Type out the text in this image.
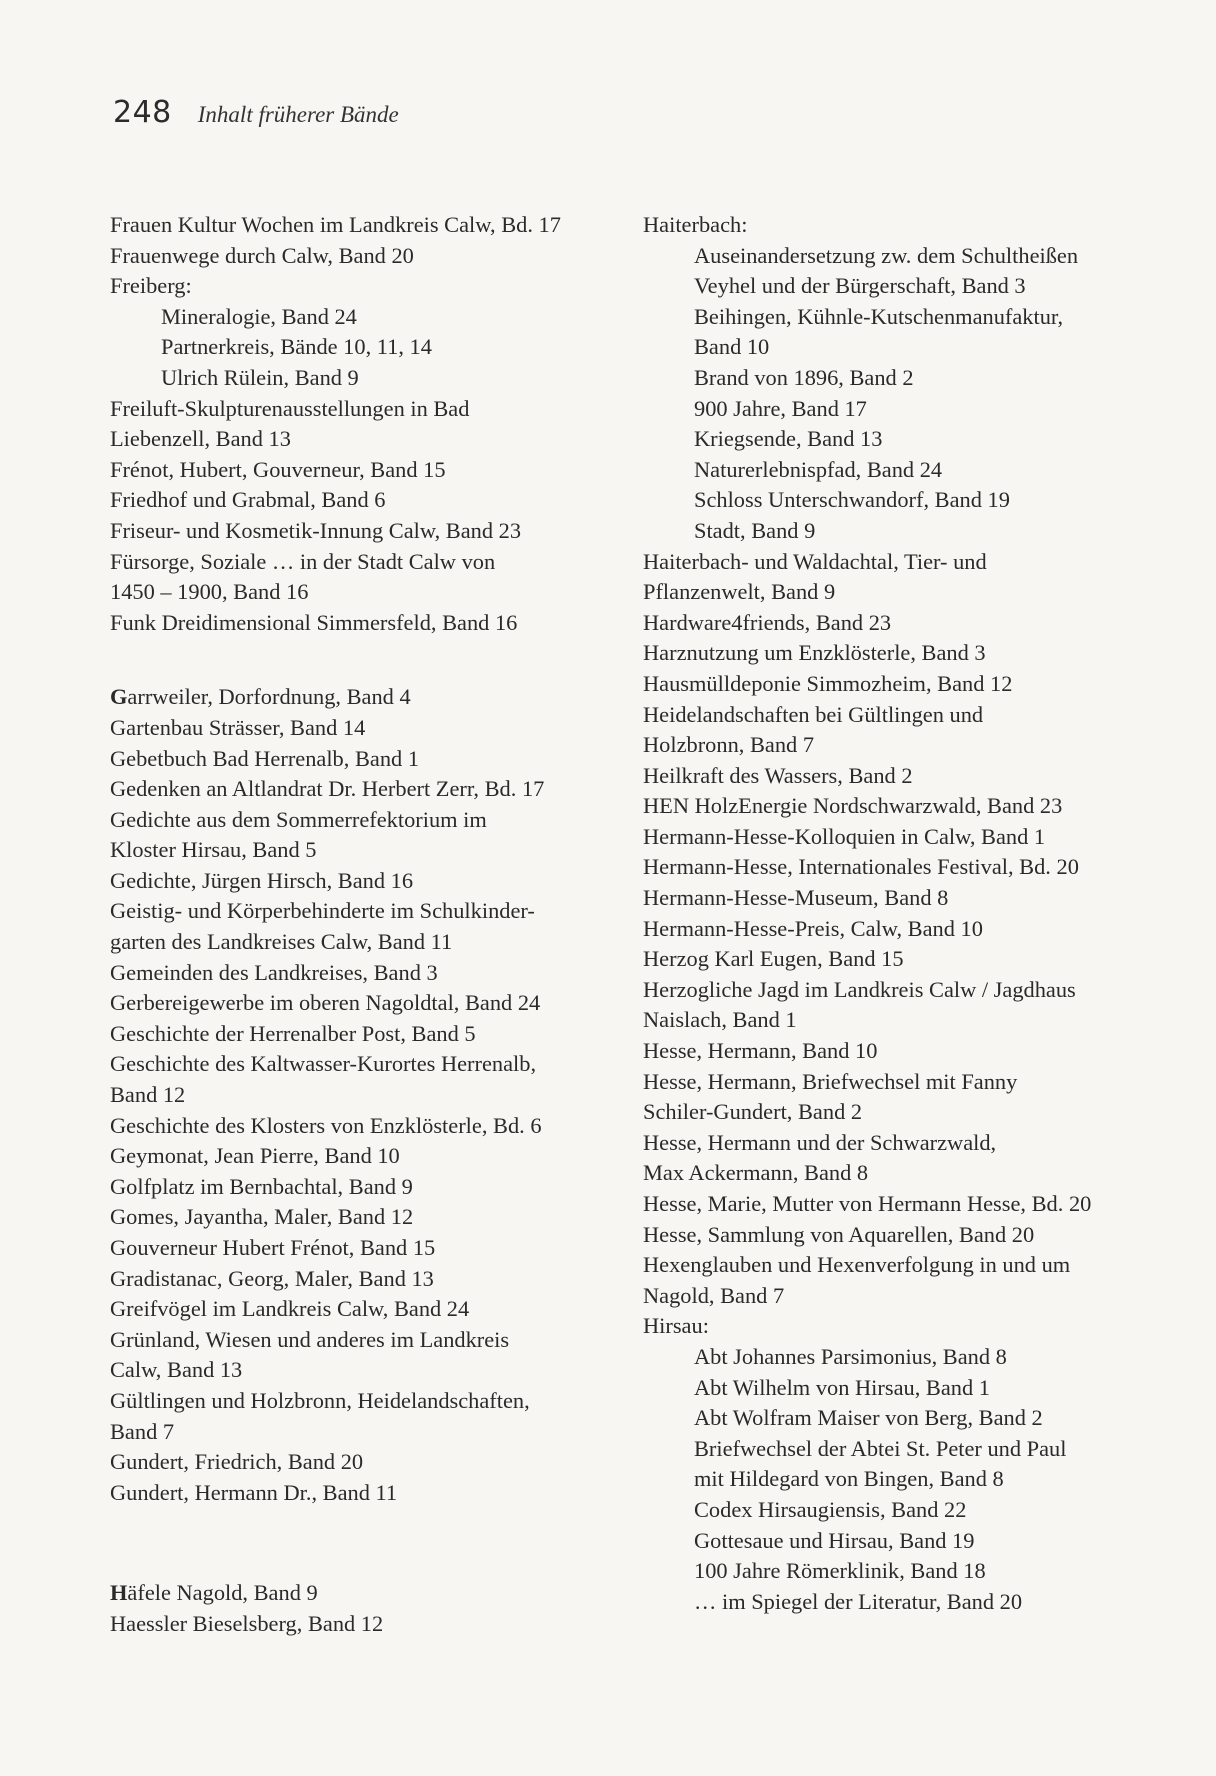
248 Inhalt früherer Bände
Frauen Kultur Wochen im Landkreis Calw, Bd. 17
Frauenwege durch Calw, Band 20
Freiberg:
Mineralogie, Band 24
Partnerkreis, Bände 10, 11, 14
Ulrich Rülein, Band 9
Freiluft-Skulpturenausstellungen in Bad
Liebenzell, Band 13
Frénot, Hubert, Gouverneur, Band 15
Friedhof und Grabmal, Band 6
Friseur- und Kosmetik-Innung Calw, Band 23
Fürsorge, Soziale … in der Stadt Calw von
1450 – 1900, Band 16
Funk Dreidimensional Simmersfeld, Band 16
Garrweiler, Dorfordnung, Band 4
Gartenbau Strässer, Band 14
Gebetbuch Bad Herrenalb, Band 1
Gedenken an Altlandrat Dr. Herbert Zerr, Bd. 17
Gedichte aus dem Sommerrefektorium im
Kloster Hirsau, Band 5
Gedichte, Jürgen Hirsch, Band 16
Geistig- und Körperbehinderte im Schulkinder-
garten des Landkreises Calw, Band 11
Gemeinden des Landkreises, Band 3
Gerbereigewerbe im oberen Nagoldtal, Band 24
Geschichte der Herrenalber Post, Band 5
Geschichte des Kaltwasser-Kurortes Herrenalb,
Band 12
Geschichte des Klosters von Enzklösterle, Bd. 6
Geymonat, Jean Pierre, Band 10
Golfplatz im Bernbachtal, Band 9
Gomes, Jayantha, Maler, Band 12
Gouverneur Hubert Frénot, Band 15
Gradistanac, Georg, Maler, Band 13
Greifvögel im Landkreis Calw, Band 24
Grünland, Wiesen und anderes im Landkreis
Calw, Band 13
Gültlingen und Holzbronn, Heidelandschaften,
Band 7
Gundert, Friedrich, Band 20
Gundert, Hermann Dr., Band 11
Häfele Nagold, Band 9
Haessler Bieselsberg, Band 12
Haiterbach:
Auseinandersetzung zw. dem Schultheißen
Veyhel und der Bürgerschaft, Band 3
Beihingen, Kühnle-Kutschenmanufaktur,
Band 10
Brand von 1896, Band 2
900 Jahre, Band 17
Kriegsende, Band 13
Naturerlebnispfad, Band 24
Schloss Unterschwandorf, Band 19
Stadt, Band 9
Haiterbach- und Waldachtal, Tier- und
Pflanzenwelt, Band 9
Hardware4friends, Band 23
Harznutzung um Enzklösterle, Band 3
Hausmülldeponie Simmozheim, Band 12
Heidelandschaften bei Gültlingen und
Holzbronn, Band 7
Heilkraft des Wassers, Band 2
HEN HolzEnergie Nordschwarzwald, Band 23
Hermann-Hesse-Kolloquien in Calw, Band 1
Hermann-Hesse, Internationales Festival, Bd. 20
Hermann-Hesse-Museum, Band 8
Hermann-Hesse-Preis, Calw, Band 10
Herzog Karl Eugen, Band 15
Herzogliche Jagd im Landkreis Calw / Jagdhaus
Naislach, Band 1
Hesse, Hermann, Band 10
Hesse, Hermann, Briefwechsel mit Fanny
Schiler-Gundert, Band 2
Hesse, Hermann und der Schwarzwald,
Max Ackermann, Band 8
Hesse, Marie, Mutter von Hermann Hesse, Bd. 20
Hesse, Sammlung von Aquarellen, Band 20
Hexenglauben und Hexenverfolgung in und um
Nagold, Band 7
Hirsau:
Abt Johannes Parsimonius, Band 8
Abt Wilhelm von Hirsau, Band 1
Abt Wolfram Maiser von Berg, Band 2
Briefwechsel der Abtei St. Peter und Paul
mit Hildegard von Bingen, Band 8
Codex Hirsaugiensis, Band 22
Gottesaue und Hirsau, Band 19
100 Jahre Römerklinik, Band 18
… im Spiegel der Literatur, Band 20
